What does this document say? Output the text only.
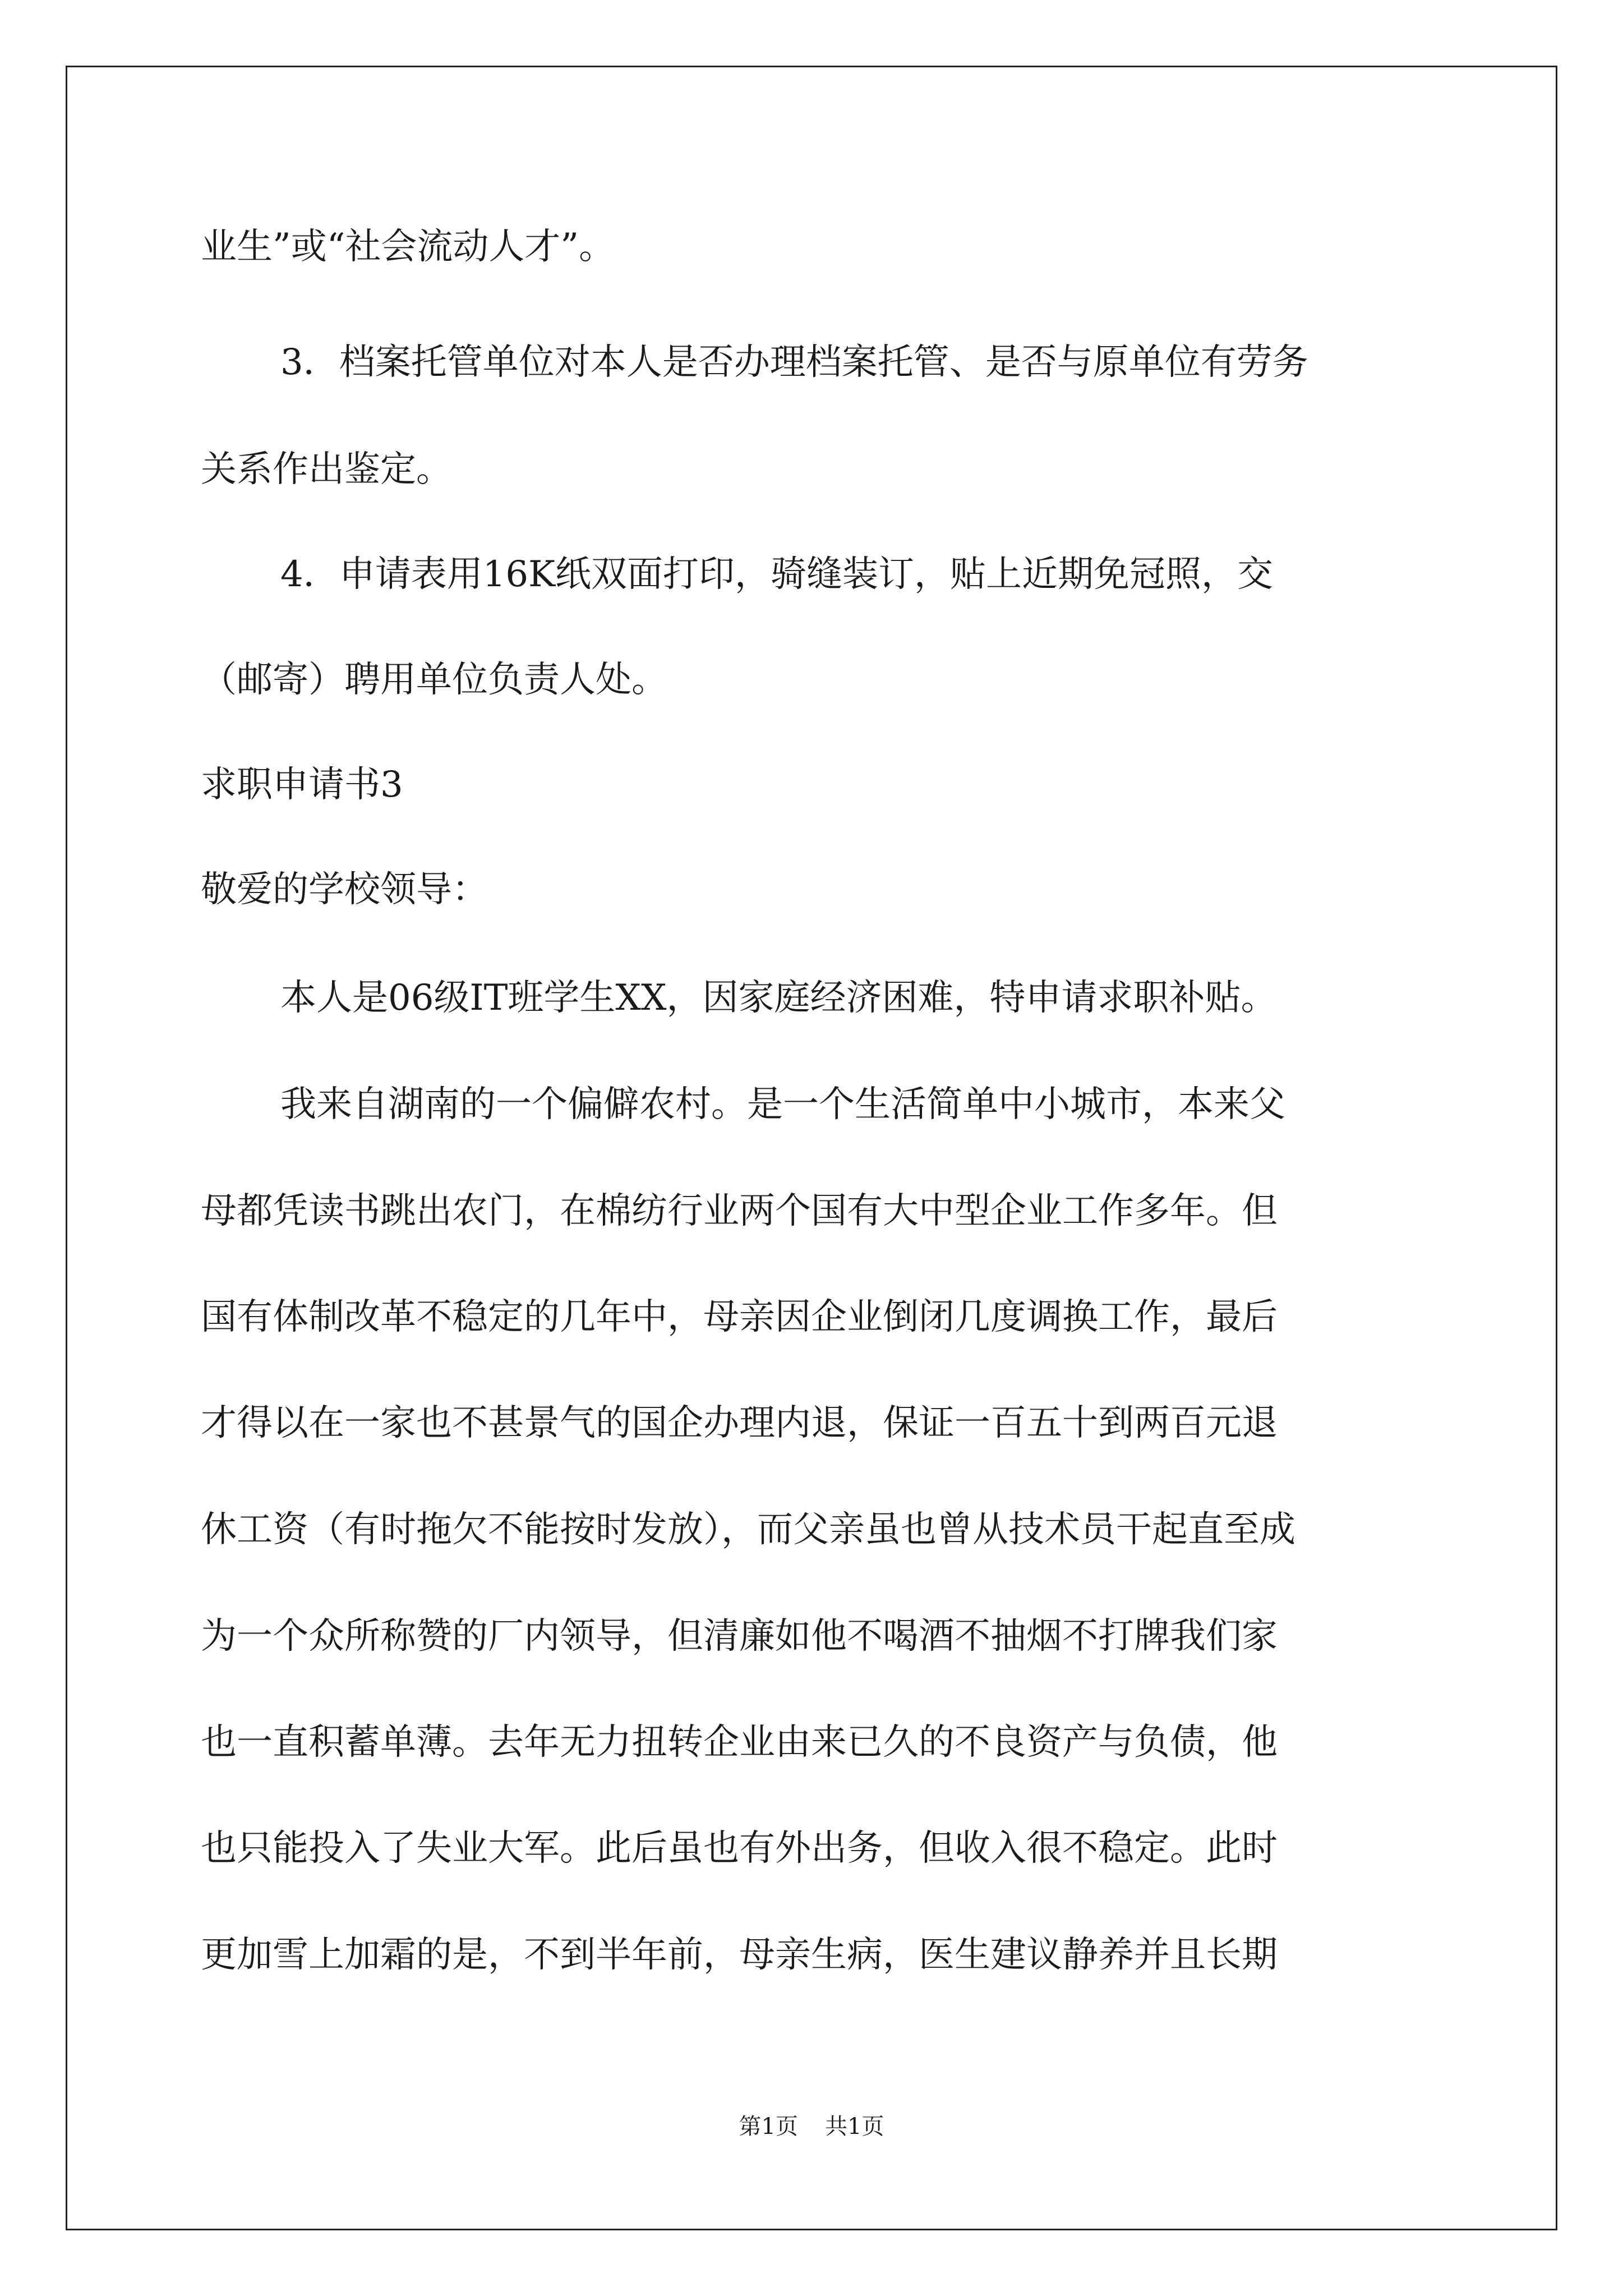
业生”或“社会流动人才”。
3．档案托管单位对本人是否办理档案托管、是否与原单位有劳务
关系作出鉴定。
4．申请表用16K纸双面打印，骑缝装订，贴上近期免冠照，交
（邮寄）聘用单位负责人处。
求职申请书3
敬爱的学校领导：
本人是06级IT班学生XX，因家庭经济困难，特申请求职补贴。
我来自湖南的一个偏僻农村。是一个生活简单中小城市，本来父
母都凭读书跳出农门，在棉纺行业两个国有大中型企业工作多年。但
国有体制改革不稳定的几年中，母亲因企业倒闭几度调换工作，最后
才得以在一家也不甚景气的国企办理内退，保证一百五十到两百元退
休工资（有时拖欠不能按时发放），而父亲虽也曾从技术员干起直至成
为一个众所称赞的厂内领导，但清廉如他不喝酒不抽烟不打牌我们家
也一直积蓄单薄。去年无力扭转企业由来已久的不良资产与负债，他
也只能投入了失业大军。此后虽也有外出务，但收入很不稳定。此时
更加雪上加霜的是，不到半年前，母亲生病，医生建议静养并且长期
第1页 共1页
